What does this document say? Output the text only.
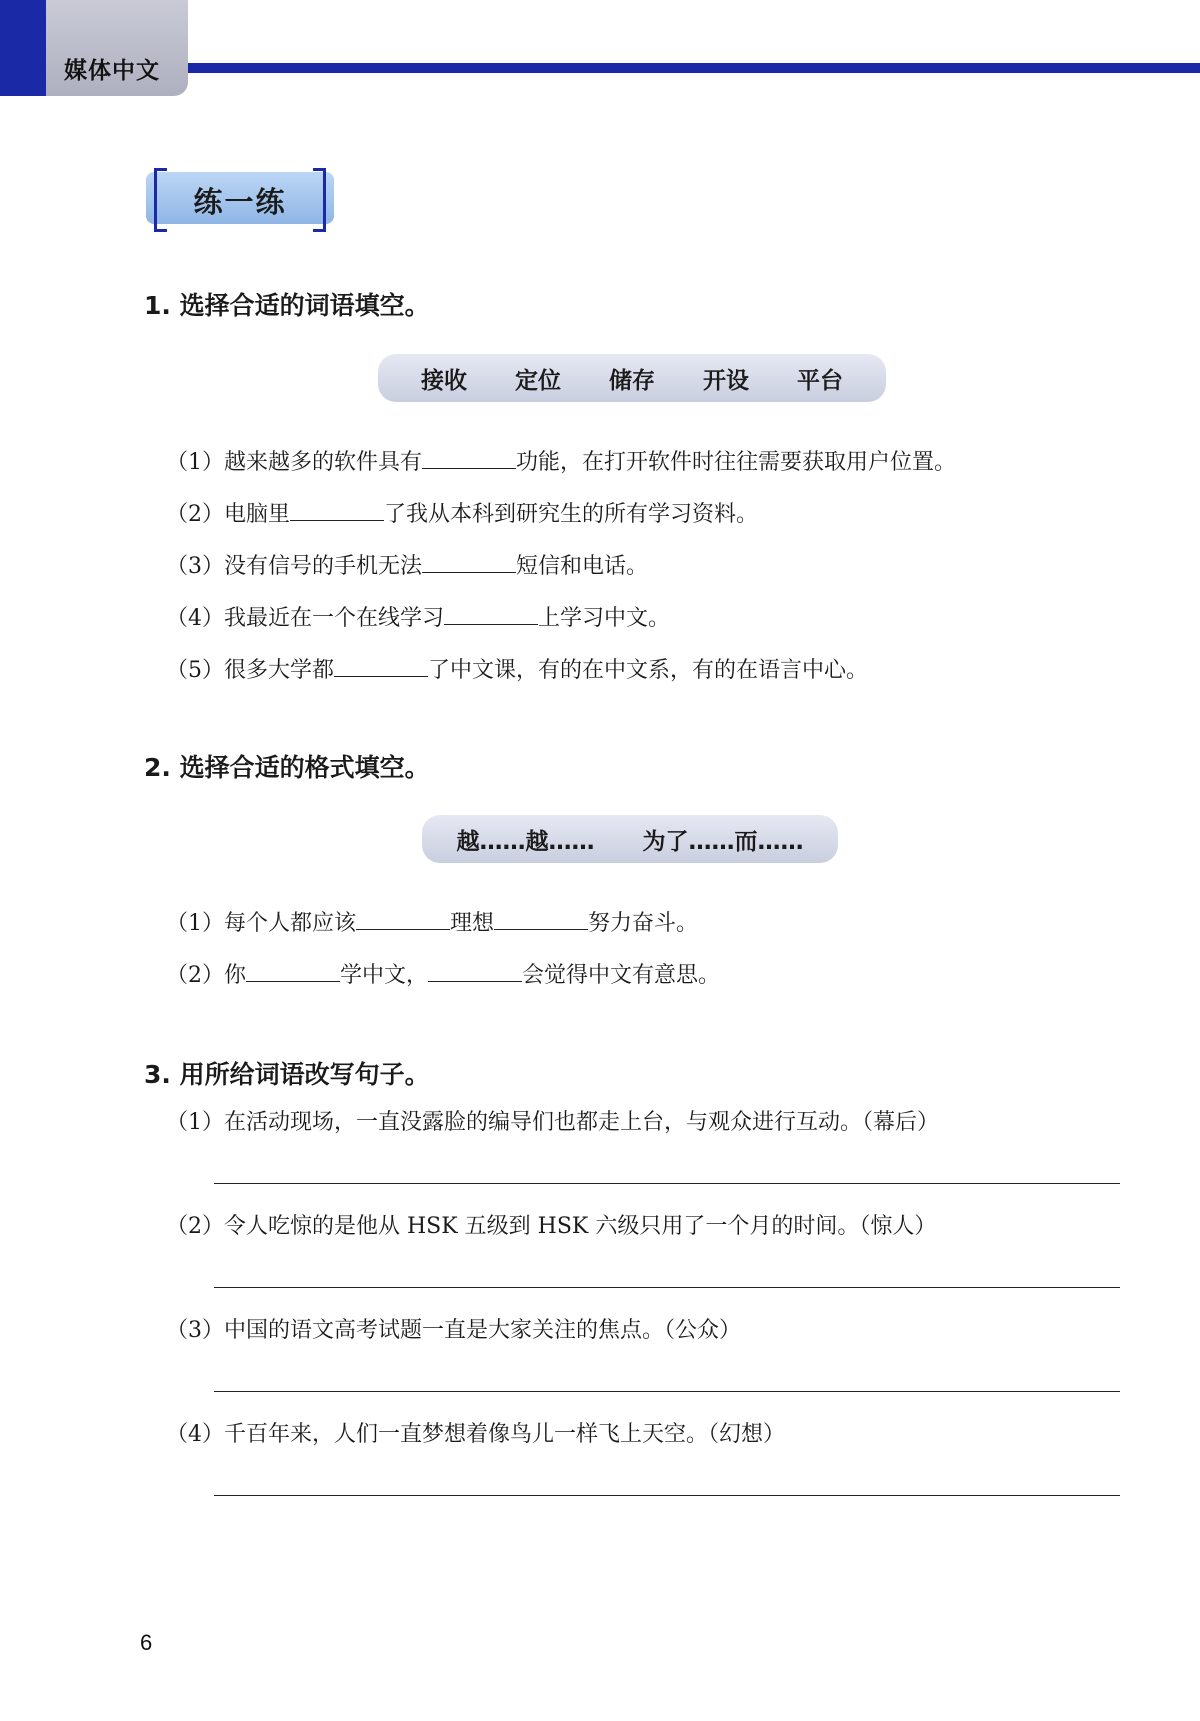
媒体中文
练一练
1. 选择合适的词语填空。
接收 定位 储存 开设 平台
（1）越来越多的软件具有	功能，在打开软件时往往需要获取用户位置。
（2）电脑里	了我从本科到研究生的所有学习资料。
（3）没有信号的手机无法	短信和电话。
（4）我最近在一个在线学习	上学习中文。
（5）很多大学都	了中文课，有的在中文系，有的在语言中心。
2. 选择合适的格式填空。
越……越…… 为了……而……
（1）每个人都应该	理想	努力奋斗。
（2）你	学中文，	会觉得中文有意思。
3. 用所给词语改写句子。
（1）在活动现场，一直没露脸的编导们也都走上台，与观众进行互动。（幕后）
（2）令人吃惊的是他从 HSK 五级到 HSK 六级只用了一个月的时间。（惊人）
（3）中国的语文高考试题一直是大家关注的焦点。（公众）
（4）千百年来，人们一直梦想着像鸟儿一样飞上天空。（幻想）
6
